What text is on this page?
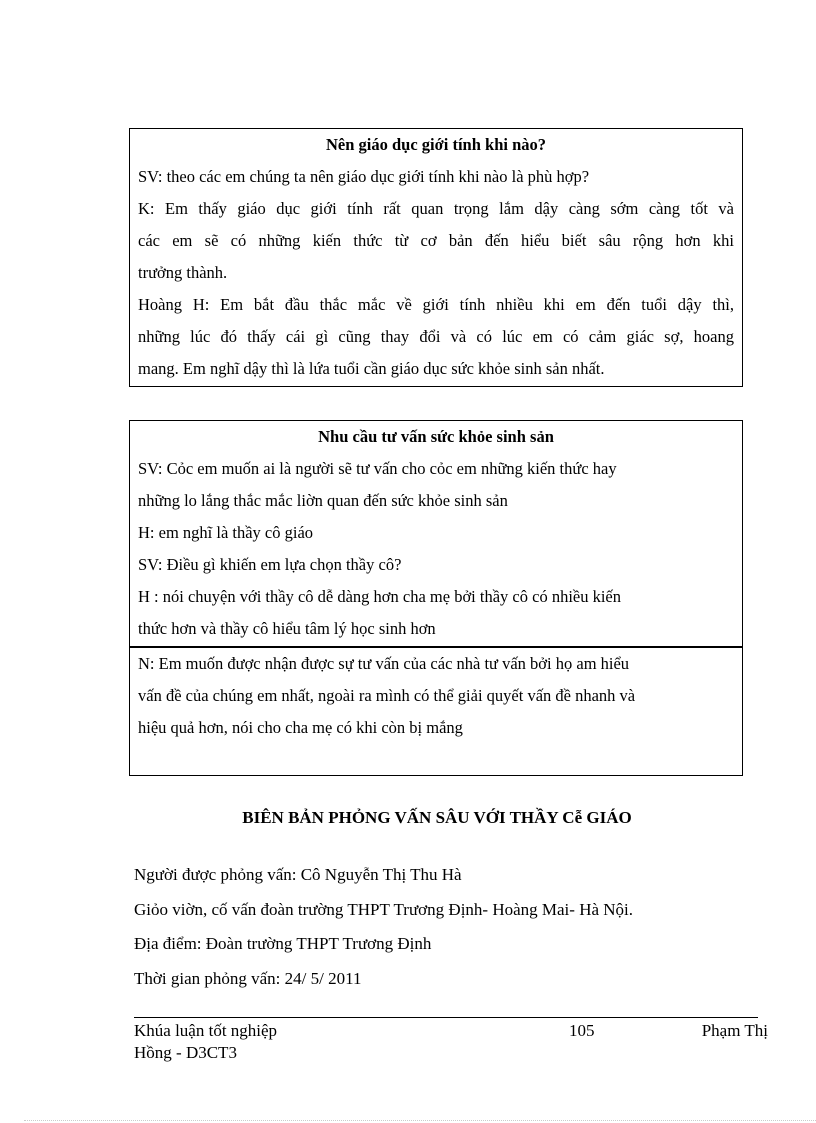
Nên giáo dục giới tính khi nào?
SV: theo các em chúng ta nên giáo dục giới tính khi nào là phù hợp?
K: Em thấy giáo dục giới tính rất quan trọng lắm dậy càng sớm càng tốt và
các em sẽ có những kiến thức từ cơ bản đến hiểu biết sâu rộng hơn khi
trưởng thành.
Hoàng H: Em bắt đầu thắc mắc về giới tính nhiều khi em đến tuổi dậy thì,
những lúc đó thấy cái gì cũng thay đổi và có lúc em có cảm giác sợ, hoang
mang. Em nghĩ dậy thì là lứa tuổi cần giáo dục sức khỏe sinh sản nhất.
Nhu cầu tư vấn sức khỏe sinh sản
SV: Cỏc em muốn ai là người sẽ tư vấn cho cỏc em những kiến thức hay
những lo lắng thắc mắc liờn quan đến sức khỏe sinh sản
H: em nghĩ là thầy cô giáo
SV: Điều gì khiến em lựa chọn thầy cô?
H : nói chuyện với thầy cô dễ dàng hơn cha mẹ bởi thầy cô có nhiều kiến
thức hơn và thầy cô hiểu tâm lý học sinh hơn
N: Em muốn được nhận được sự tư vấn của các nhà tư vấn bởi họ am hiểu
vấn đề của chúng em nhất, ngoài ra mình có thể giải quyết vấn đề nhanh và
hiệu quả hơn, nói cho cha mẹ có khi còn bị mắng
BIÊN BẢN PHỎNG VẤN SÂU VỚI THẦY Cễ GIÁO
Người được phỏng vấn: Cô Nguyễn Thị Thu Hà
Giỏo viờn, cố vấn đoàn trường THPT Trương Định- Hoàng Mai- Hà Nội.
Địa điểm: Đoàn trường THPT Trương Định
Thời gian phỏng vấn: 24/ 5/ 2011
Khúa luận tốt nghiệp	105	Phạm Thị
Hồng - D3CT3
